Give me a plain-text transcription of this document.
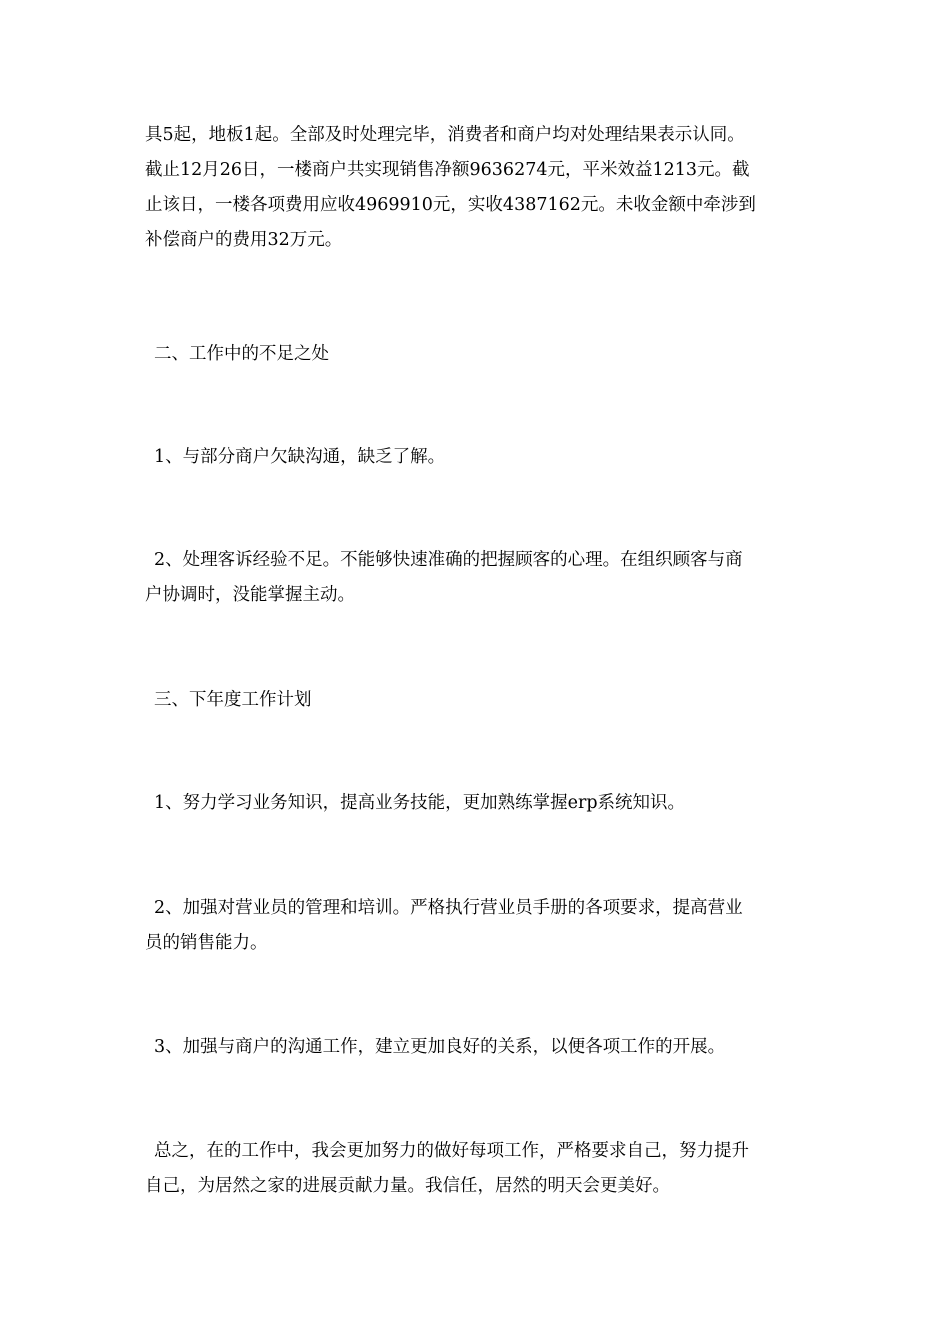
具5起，地板1起。全部及时处理完毕，消费者和商户均对处理结果表示认同。
截止12月26日，一楼商户共实现销售净额9636274元，平米效益1213元。截
止该日，一楼各项费用应收4969910元，实收4387162元。未收金额中牵涉到
补偿商户的费用32万元。
二、工作中的不足之处
1、与部分商户欠缺沟通，缺乏了解。
2、处理客诉经验不足。不能够快速准确的把握顾客的心理。在组织顾客与商
户协调时，没能掌握主动。
三、下年度工作计划
1、努力学习业务知识，提高业务技能，更加熟练掌握erp系统知识。
2、加强对营业员的管理和培训。严格执行营业员手册的各项要求，提高营业
员的销售能力。
3、加强与商户的沟通工作，建立更加良好的关系，以便各项工作的开展。
总之，在的工作中，我会更加努力的做好每项工作，严格要求自己，努力提升
自己，为居然之家的进展贡献力量。我信任，居然的明天会更美好。
